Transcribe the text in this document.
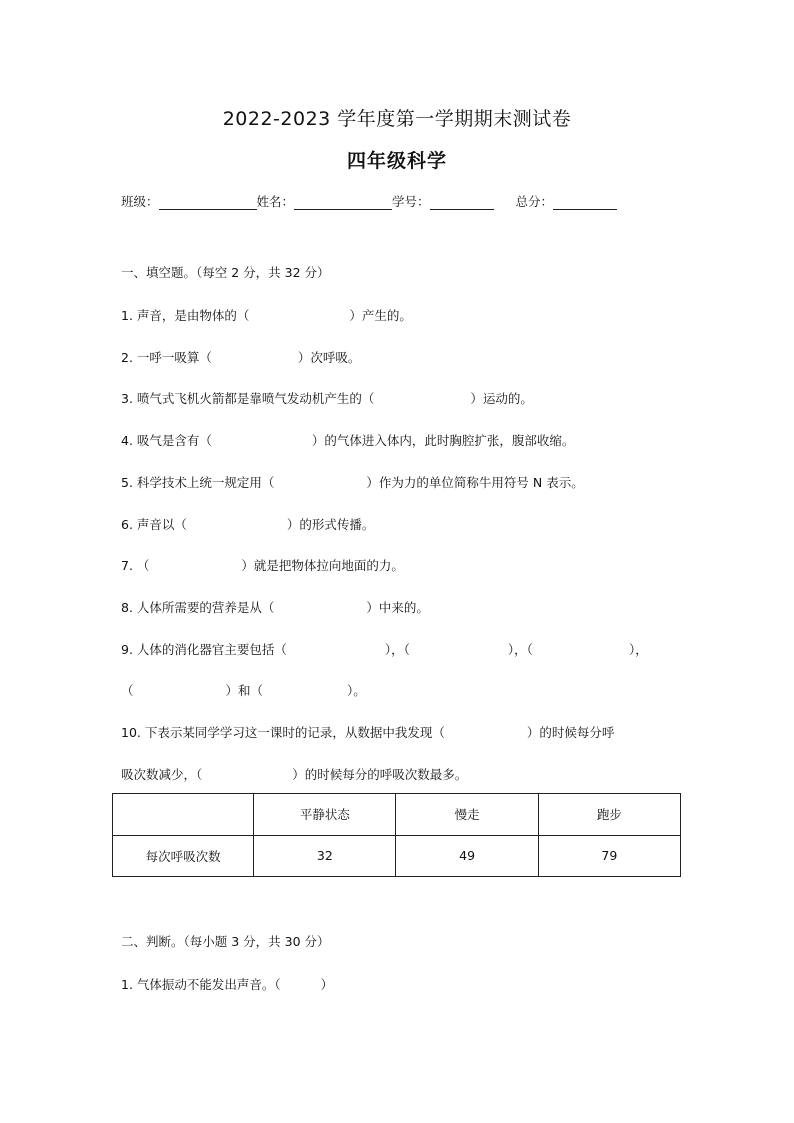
2022-2023 学年度第一学期期末测试卷
四年级科学
班级：	姓名：	学号：	总分：
一、填空题。（每空 2 分，共 32 分）
1. 声音，是由物体的（	）产生的。
2. 一呼一吸算（	）次呼吸。
3. 喷气式飞机火箭都是靠喷气发动机产生的（	）运动的。
4. 吸气是含有（	）的气体进入体内，此时胸腔扩张，腹部收缩。
5. 科学技术上统一规定用（	）作为力的单位简称牛用符号 N 表示。
6. 声音以（	）的形式传播。
7. （	）就是把物体拉向地面的力。
8. 人体所需要的营养是从（	）中来的。
9. 人体的消化器官主要包括（	），（	），（	），
（	）和（	）。
10. 下表示某同学学习这一课时的记录，从数据中我发现（	）的时候每分呼
吸次数减少，（	）的时候每分的呼吸次数最多。
	平静状态	慢走	跑步
每次呼吸次数	32	49	79
二、判断。（每小题 3 分，共 30 分）
1. 气体振动不能发出声音。（	）
